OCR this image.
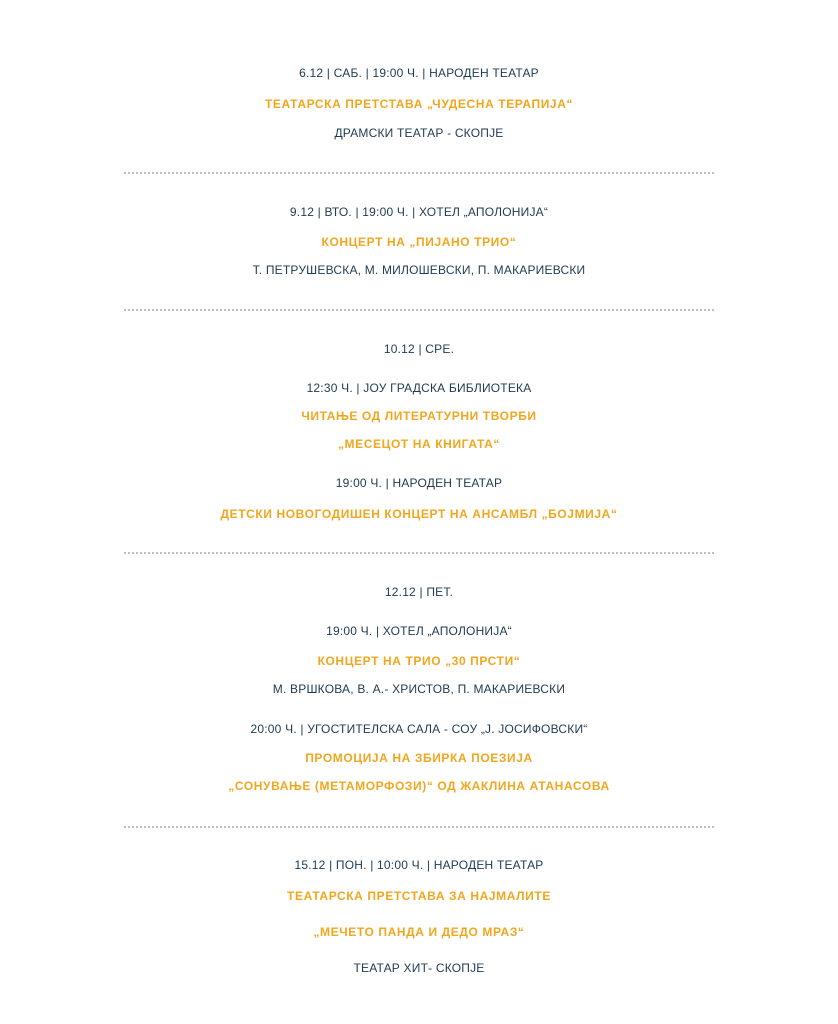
6.12 | САБ. | 19:00 Ч. | НАРОДЕН ТЕАТАР
ТЕАТАРСКА ПРЕТСТАВА „ЧУДЕСНА ТЕРАПИЈА“
ДРАМСКИ ТЕАТАР - СКОПЈЕ
9.12 | ВТО. | 19:00 Ч. | ХОТЕЛ „АПОЛОНИЈА“
КОНЦЕРТ НА „ПИЈАНО ТРИО“
Т. ПЕТРУШЕВСКА, М. МИЛОШЕВСКИ, П. МАКАРИЕВСКИ
10.12 | СРЕ.
12:30 Ч. | ЈОУ ГРАДСКА БИБЛИОТЕКА
ЧИТАЊЕ ОД ЛИТЕРАТУРНИ ТВОРБИ
„МЕСЕЦОТ НА КНИГАТА“
19:00 Ч. | НАРОДЕН ТЕАТАР
ДЕТСКИ НОВОГОДИШЕН КОНЦЕРТ НА АНСАМБЛ „БОЈМИЈА“
12.12 | ПЕТ.
19:00 Ч. | ХОТЕЛ „АПОЛОНИЈА“
КОНЦЕРТ НА ТРИО „30 ПРСТИ“
М. ВРШКОВА, В. А.- ХРИСТОВ, П. МАКАРИЕВСКИ
20:00 Ч. | УГОСТИТЕЛСКА САЛА - СОУ „Ј. ЈОСИФОВСКИ“
ПРОМОЦИЈА НА ЗБИРКА ПОЕЗИЈА
„СОНУВАЊЕ (МЕТАМОРФОЗИ)“ ОД ЖАКЛИНА АТАНАСОВА
15.12 | ПОН. | 10:00 Ч. | НАРОДЕН ТЕАТАР
ТЕАТАРСКА ПРЕТСТАВА ЗА НАЈМАЛИТЕ
„МЕЧЕТО ПАНДА И ДЕДО МРАЗ“
ТЕАТАР ХИТ- СКОПЈЕ
